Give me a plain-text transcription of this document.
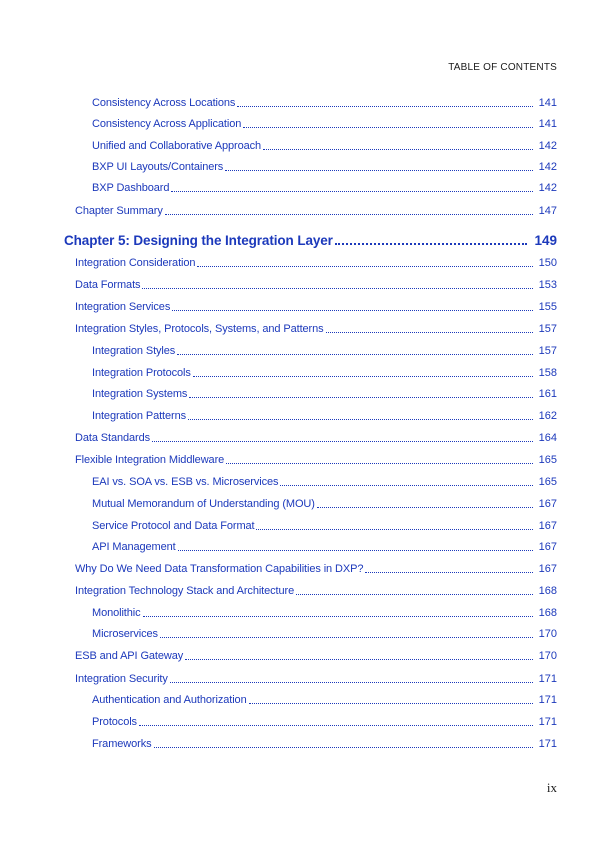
TABLE OF CONTENTS
Consistency Across Locations	141
Consistency Across Application	141
Unified and Collaborative Approach	142
BXP UI Layouts/Containers	142
BXP Dashboard	142
Chapter Summary	147
Chapter 5: Designing the Integration Layer	149
Integration Consideration	150
Data Formats	153
Integration Services	155
Integration Styles, Protocols, Systems, and Patterns	157
Integration Styles	157
Integration Protocols	158
Integration Systems	161
Integration Patterns	162
Data Standards	164
Flexible Integration Middleware	165
EAI vs. SOA vs. ESB vs. Microservices	165
Mutual Memorandum of Understanding (MOU)	167
Service Protocol and Data Format	167
API Management	167
Why Do We Need Data Transformation Capabilities in DXP?	167
Integration Technology Stack and Architecture	168
Monolithic	168
Microservices	170
ESB and API Gateway	170
Integration Security	171
Authentication and Authorization	171
Protocols	171
Frameworks	171
ix
